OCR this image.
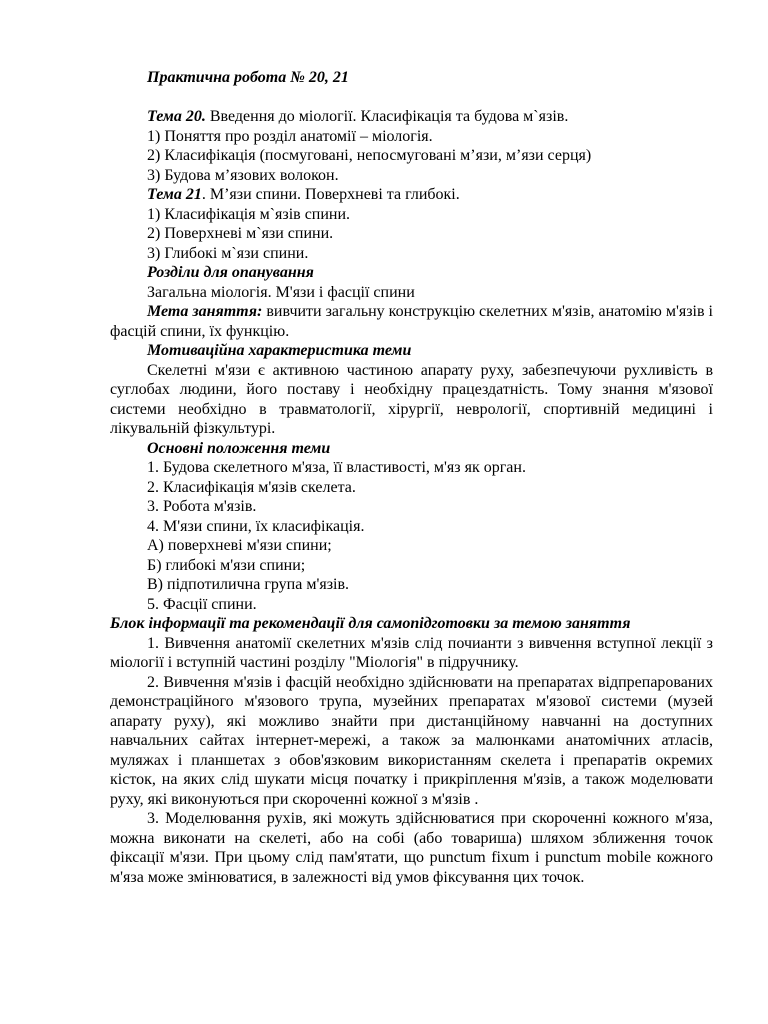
Практична робота № 20, 21

Тема 20. Введення до міології. Класифікація та будова м`язів.

1) Поняття про розділ анатомії – міологія.

2) Класифікація (посмуговані, непосмуговані м’язи, м’язи серця)

3) Будова м’язових волокон.

Тема 21. М’язи спини. Поверхневі та глибокі.

1) Класифікація м`язів спини.

2) Поверхневі м`язи спини.

3) Глибокі м`язи спини.

Розділи для опанування

Загальна міологія. М'язи і фасції спини

Мета заняття: вивчити загальну конструкцію скелетних м'язів, анатомію м'язів і фасцій спини, їх функцію.

Мотиваційна характеристика теми

Скелетні м'язи є активною частиною апарату руху, забезпечуючи рухливість в суглобах людини, його поставу і необхідну працездатність. Тому знання м'язової системи необхідно в травматології, хірургії, неврології, спортивній медицині і лікувальній фізкультурі.

Основні положення теми

1. Будова скелетного м'яза, її властивості, м'яз як орган.

2. Класифікація м'язів скелета.

3. Робота м'язів.

4. М'язи спини, їх класифікація.

А) поверхневі м'язи спини;

Б) глибокі м'язи спини;

В) підпотилична група м'язів.

5. Фасції спини.

Блок інформації та рекомендації для самопідготовки за темою заняття

1. Вивчення анатомії скелетних м'язів слід почианти з вивчення вступної лекції з міології і вступній частині розділу "Міологія" в підручнику.

2. Вивчення м'язів і фасцій необхідно здійснювати на препаратах відпрепарованих демонстраційного м'язового трупа, музейних препаратах м'язової системи (музей апарату руху), які можливо знайти при дистанційному навчанні на доступних навчальних сайтах інтернет-мережі, а також за малюнками анатомічних атласів, муляжах і планшетах з обов'язковим використанням скелета і препаратів окремих кісток, на яких слід шукати місця початку і прикріплення м'язів, а також моделювати руху, які виконуються при скороченні кожної з м'язів .

3. Моделювання рухів, які можуть здійснюватися при скороченні кожного м'яза, можна виконати на скелеті, або на собі (або товариша) шляхом зближення точок фіксації м'язи. При цьому слід пам'ятати, що punctum fixum і punctum mobile кожного м'яза може змінюватися, в залежності від умов фіксування цих точок.
